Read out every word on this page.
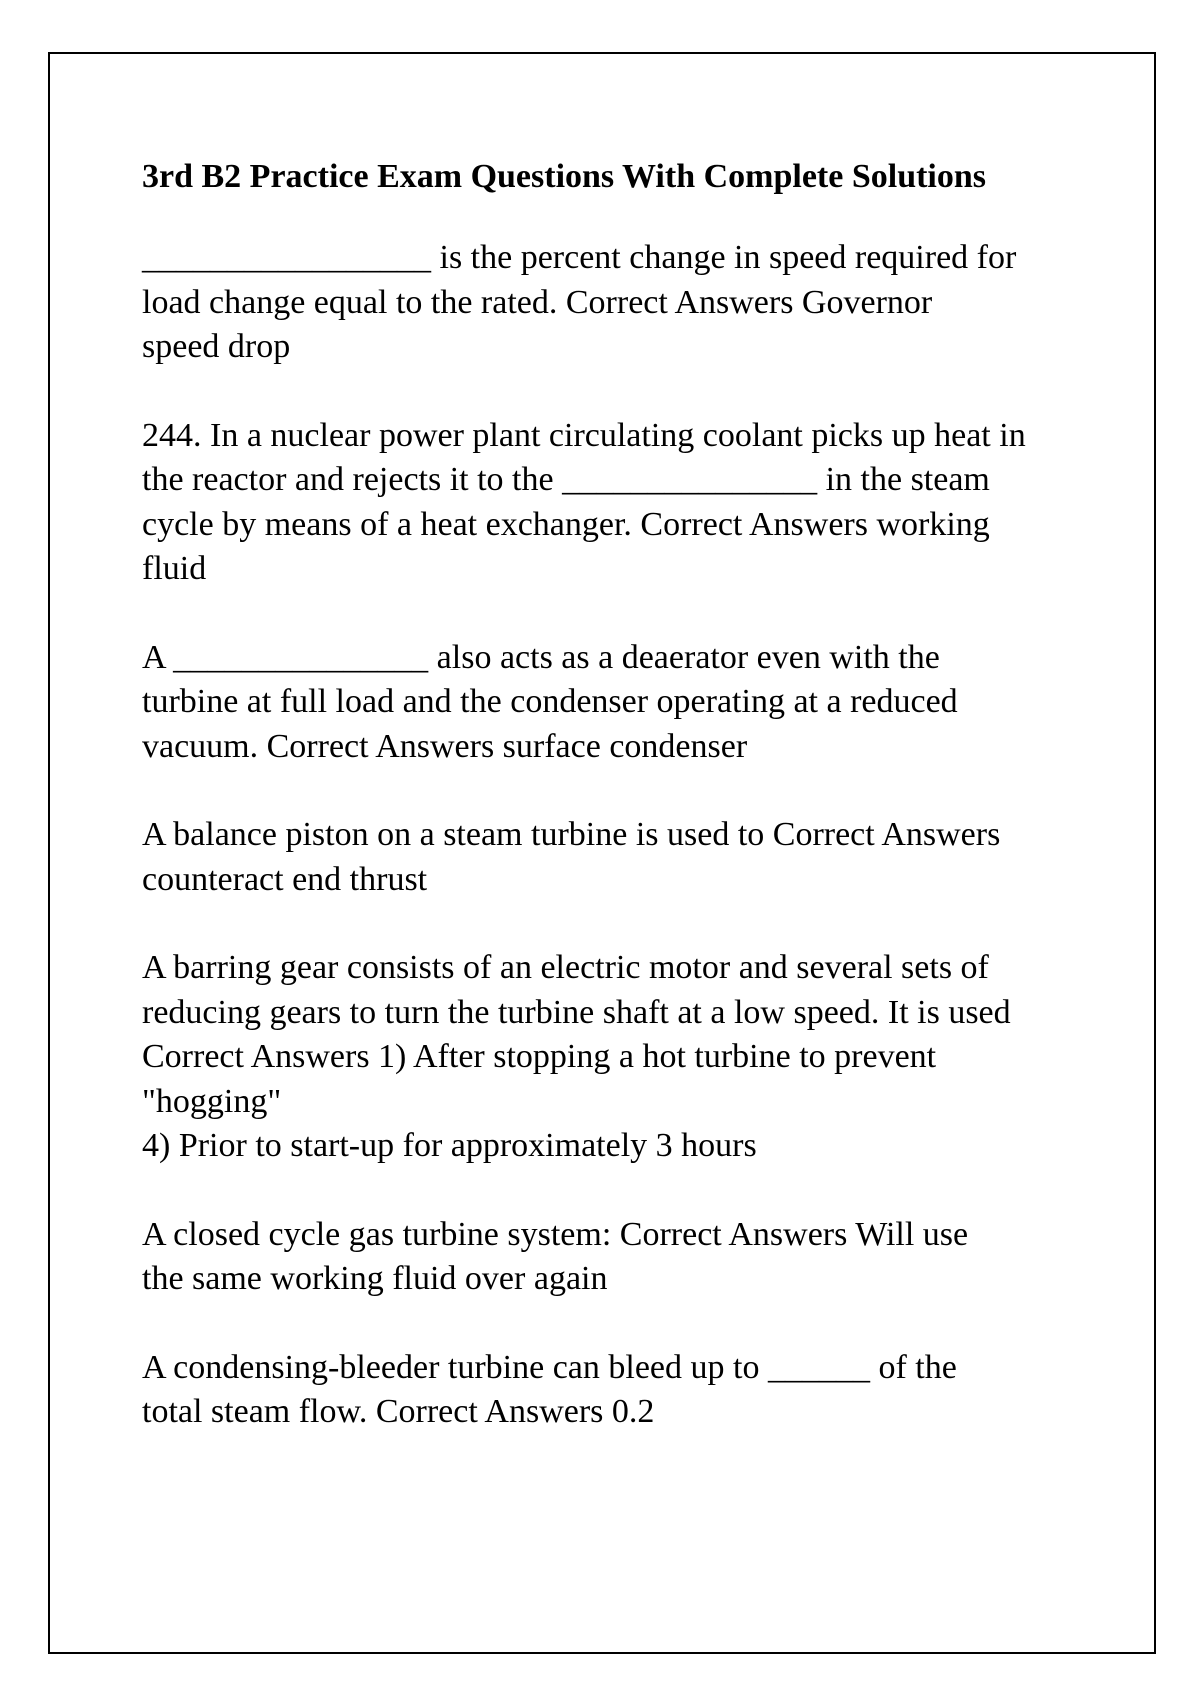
3rd B2 Practice Exam Questions With Complete Solutions
_________________ is the percent change in speed required for
load change equal to the rated. Correct Answers Governor
speed drop
244. In a nuclear power plant circulating coolant picks up heat in
the reactor and rejects it to the _______________ in the steam
cycle by means of a heat exchanger. Correct Answers working
fluid
A _______________ also acts as a deaerator even with the
turbine at full load and the condenser operating at a reduced
vacuum. Correct Answers surface condenser
A balance piston on a steam turbine is used to Correct Answers
counteract end thrust
A barring gear consists of an electric motor and several sets of
reducing gears to turn the turbine shaft at a low speed. It is used
Correct Answers 1) After stopping a hot turbine to prevent
"hogging"
4) Prior to start-up for approximately 3 hours
A closed cycle gas turbine system: Correct Answers Will use
the same working fluid over again
A condensing-bleeder turbine can bleed up to ______ of the
total steam flow. Correct Answers 0.2
